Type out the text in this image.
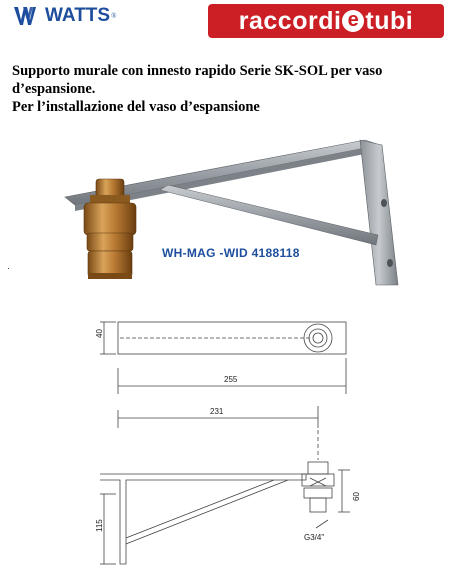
WATTS ®	raccordi e tubi

Supporto murale con innesto rapido Serie SK-SOL per vaso d’espansione.

Per l’installazione del vaso d’espansione

WH-MAG -WID 4188118
40
255
231
60
115
G3/4"
